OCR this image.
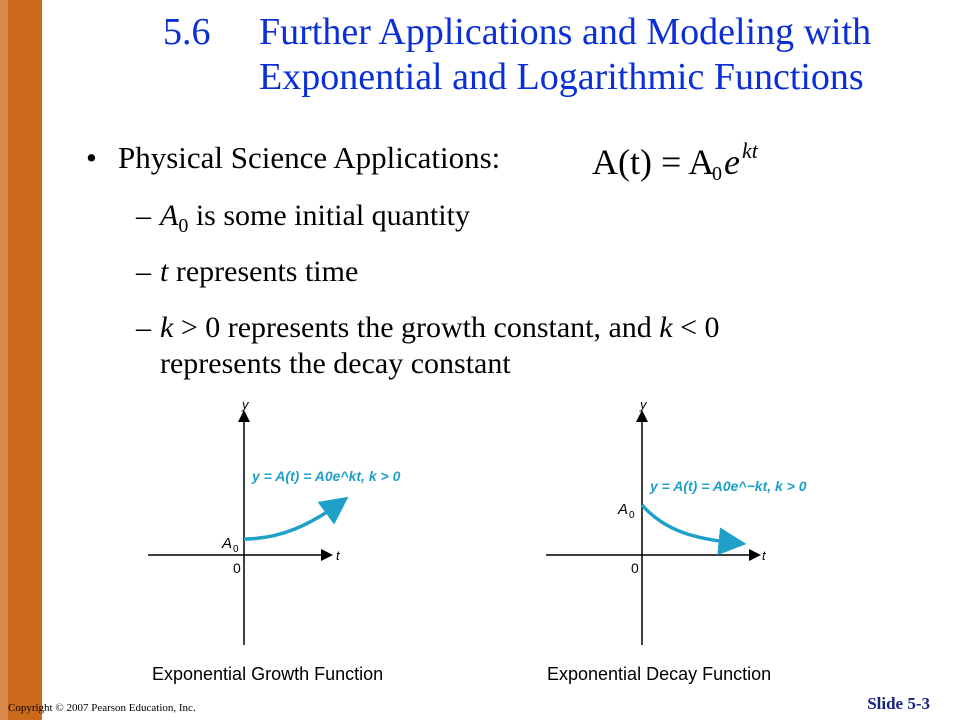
5.6 Further Applications and Modeling with
Exponential and Logarithmic Functions
• Physical Science Applications:	A(t) = A
0 e kt
– $A_0$ is some initial quantity
– t represents time
– k > 0 represents the growth constant, and k < 0
represents the decay constant
y
t
0
A 0
y = A(t) = A0e^kt, k > 0
y
t
0
A 0
y = A(t) = A0e^−kt, k > 0
Exponential Growth Function	Exponential Decay Function
Copyright © 2007 Pearson Education, Inc.	Slide 5-3
